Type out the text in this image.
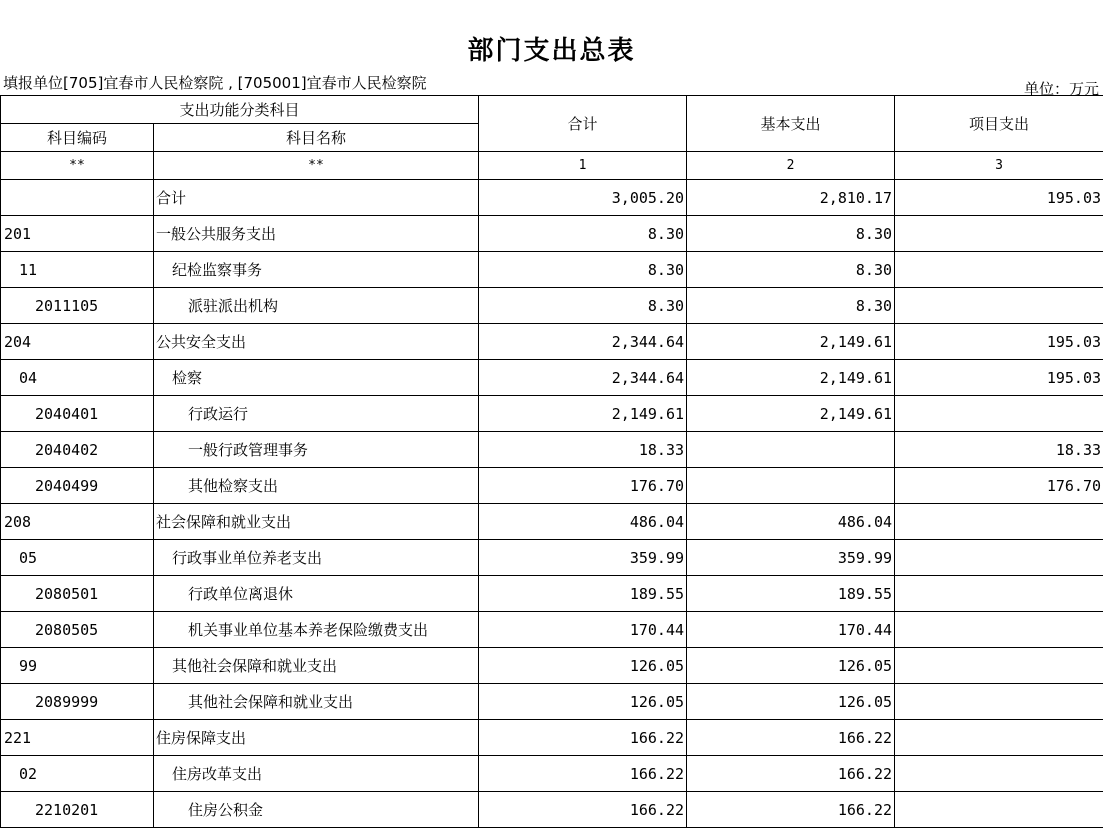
部门支出总表
填报单位[705]宜春市人民检察院 , [705001]宜春市人民检察院	单位：万元
支出功能分类科目		合计	基本支出	项目支出
科目编码	科目名称			
**	**	1	2	3
	合计	3,005.20	2,810.17	195.03
201	一般公共服务支出	8.30	8.30	
11	纪检监察事务	8.30	8.30	
2011105	派驻派出机构	8.30	8.30	
204	公共安全支出	2,344.64	2,149.61	195.03
04	检察	2,344.64	2,149.61	195.03
2040401	行政运行	2,149.61	2,149.61	
2040402	一般行政管理事务	18.33		18.33
2040499	其他检察支出	176.70		176.70
208	社会保障和就业支出	486.04	486.04	
05	行政事业单位养老支出	359.99	359.99	
2080501	行政单位离退休	189.55	189.55	
2080505	机关事业单位基本养老保险缴费支出	170.44	170.44	
99	其他社会保障和就业支出	126.05	126.05	
2089999	其他社会保障和就业支出	126.05	126.05	
221	住房保障支出	166.22	166.22	
02	住房改革支出	166.22	166.22	
2210201	住房公积金	166.22	166.22	
